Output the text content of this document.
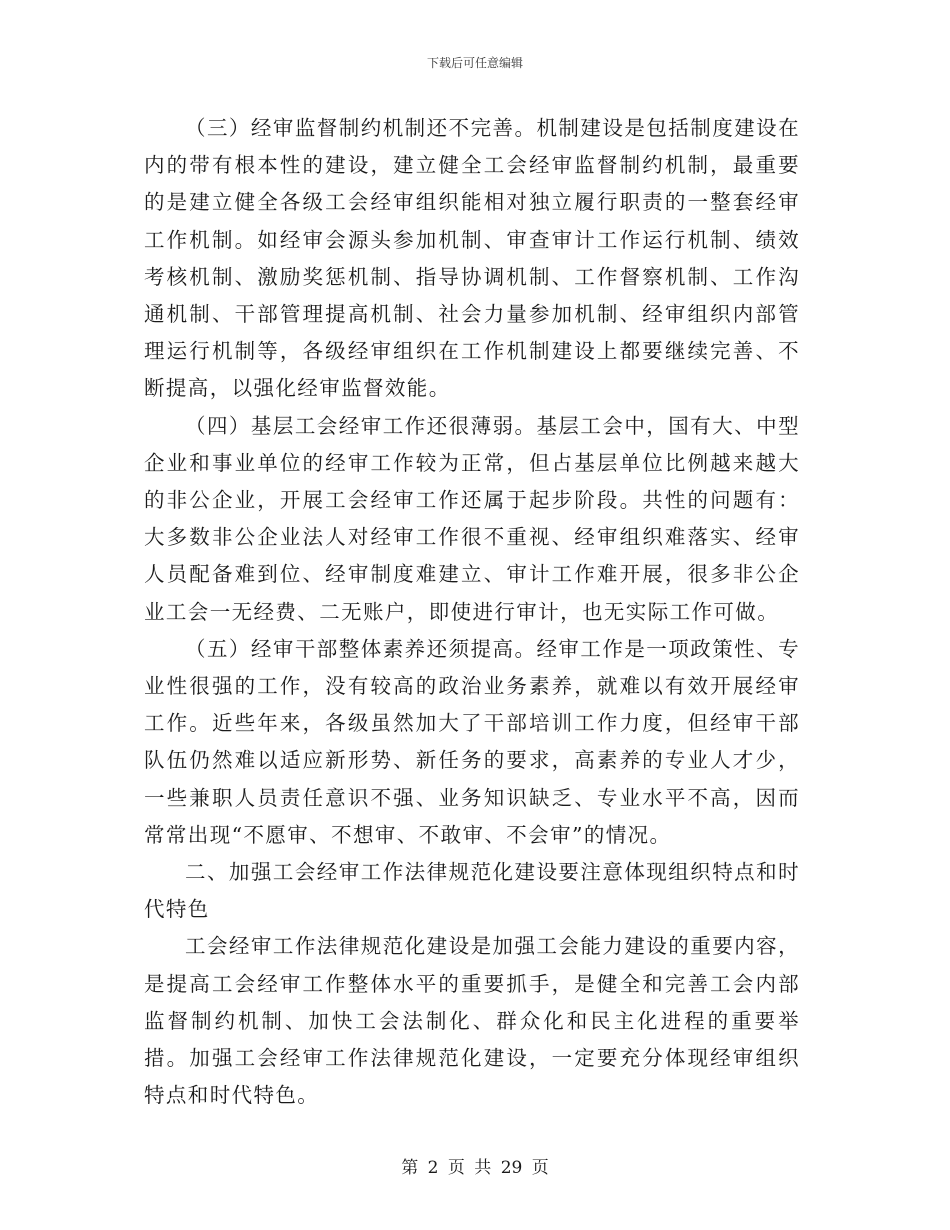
下载后可任意编辑

（三）经审监督制约机制还不完善。机制建设是包括制度建设在内的带有根本性的建设，建立健全工会经审监督制约机制，最重要的是建立健全各级工会经审组织能相对独立履行职责的一整套经审工作机制。如经审会源头参加机制、审查审计工作运行机制、绩效考核机制、激励奖惩机制、指导协调机制、工作督察机制、工作沟通机制、干部管理提高机制、社会力量参加机制、经审组织内部管理运行机制等，各级经审组织在工作机制建设上都要继续完善、不断提高，以强化经审监督效能。

（四）基层工会经审工作还很薄弱。基层工会中，国有大、中型企业和事业单位的经审工作较为正常，但占基层单位比例越来越大的非公企业，开展工会经审工作还属于起步阶段。共性的问题有：大多数非公企业法人对经审工作很不重视、经审组织难落实、经审人员配备难到位、经审制度难建立、审计工作难开展，很多非公企业工会一无经费、二无账户，即使进行审计，也无实际工作可做。

（五）经审干部整体素养还须提高。经审工作是一项政策性、专业性很强的工作，没有较高的政治业务素养，就难以有效开展经审工作。近些年来，各级虽然加大了干部培训工作力度，但经审干部队伍仍然难以适应新形势、新任务的要求，高素养的专业人才少，一些兼职人员责任意识不强、业务知识缺乏、专业水平不高，因而常常出现“不愿审、不想审、不敢审、不会审”的情况。

二、加强工会经审工作法律规范化建设要注意体现组织特点和时代特色

工会经审工作法律规范化建设是加强工会能力建设的重要内容，是提高工会经审工作整体水平的重要抓手，是健全和完善工会内部监督制约机制、加快工会法制化、群众化和民主化进程的重要举措。加强工会经审工作法律规范化建设，一定要充分体现经审组织特点和时代特色。

第 2 页 共 29 页
